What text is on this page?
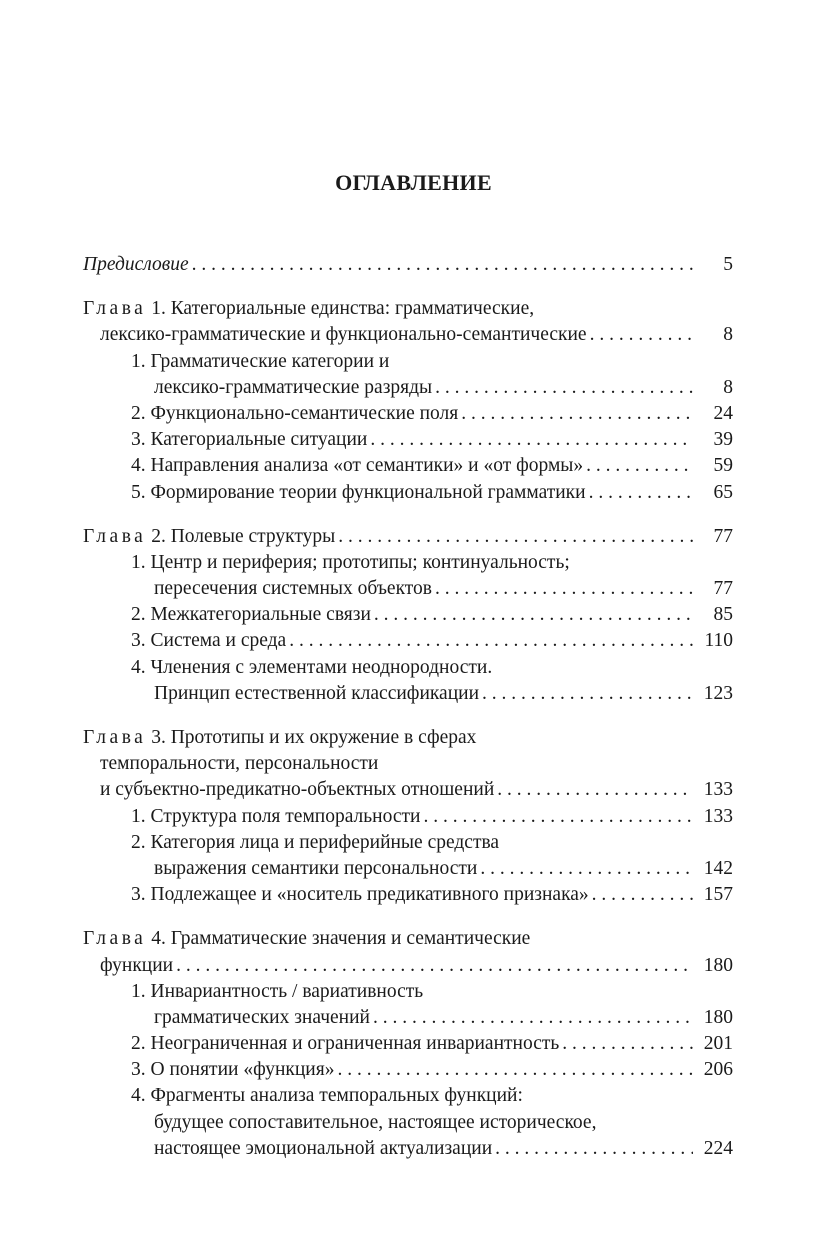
ОГЛАВЛЕНИЕ
Предисловие . . .	5
Глава 1. Категориальные единства: грамматические,
лексико-грамматические и функционально-семантические . . .	8
1. Грамматические категории и
лексико-грамматические разряды . . .	8
2. Функционально-семантические поля . . .	24
3. Категориальные ситуации . . .	39
4. Направления анализа «от семантики» и «от формы» . . .	59
5. Формирование теории функциональной грамматики . . .	65
Глава 2. Полевые структуры . . .	77
1. Центр и периферия; прототипы; континуальность;
пересечения системных объектов . . .	77
2. Межкатегориальные связи . . .	85
3. Система и среда . . .	110
4. Членения с элементами неоднородности.
Принцип естественной классификации . . .	123
Глава 3. Прототипы и их окружение в сферах
темпоральности, персональности
и субъектно-предикатно-объектных отношений . . .	133
1. Структура поля темпоральности . . .	133
2. Категория лица и периферийные средства
выражения семантики персональности . . .	142
3. Подлежащее и «носитель предикативного признака» . . .	157
Глава 4. Грамматические значения и семантические
функции . . .	180
1. Инвариантность / вариативность
грамматических значений . . .	180
2. Неограниченная и ограниченная инвариантность . . .	201
3. О понятии «функция» . . .	206
4. Фрагменты анализа темпоральных функций:
будущее сопоставительное, настоящее историческое,
настоящее эмоциональной актуализации . . .	224
